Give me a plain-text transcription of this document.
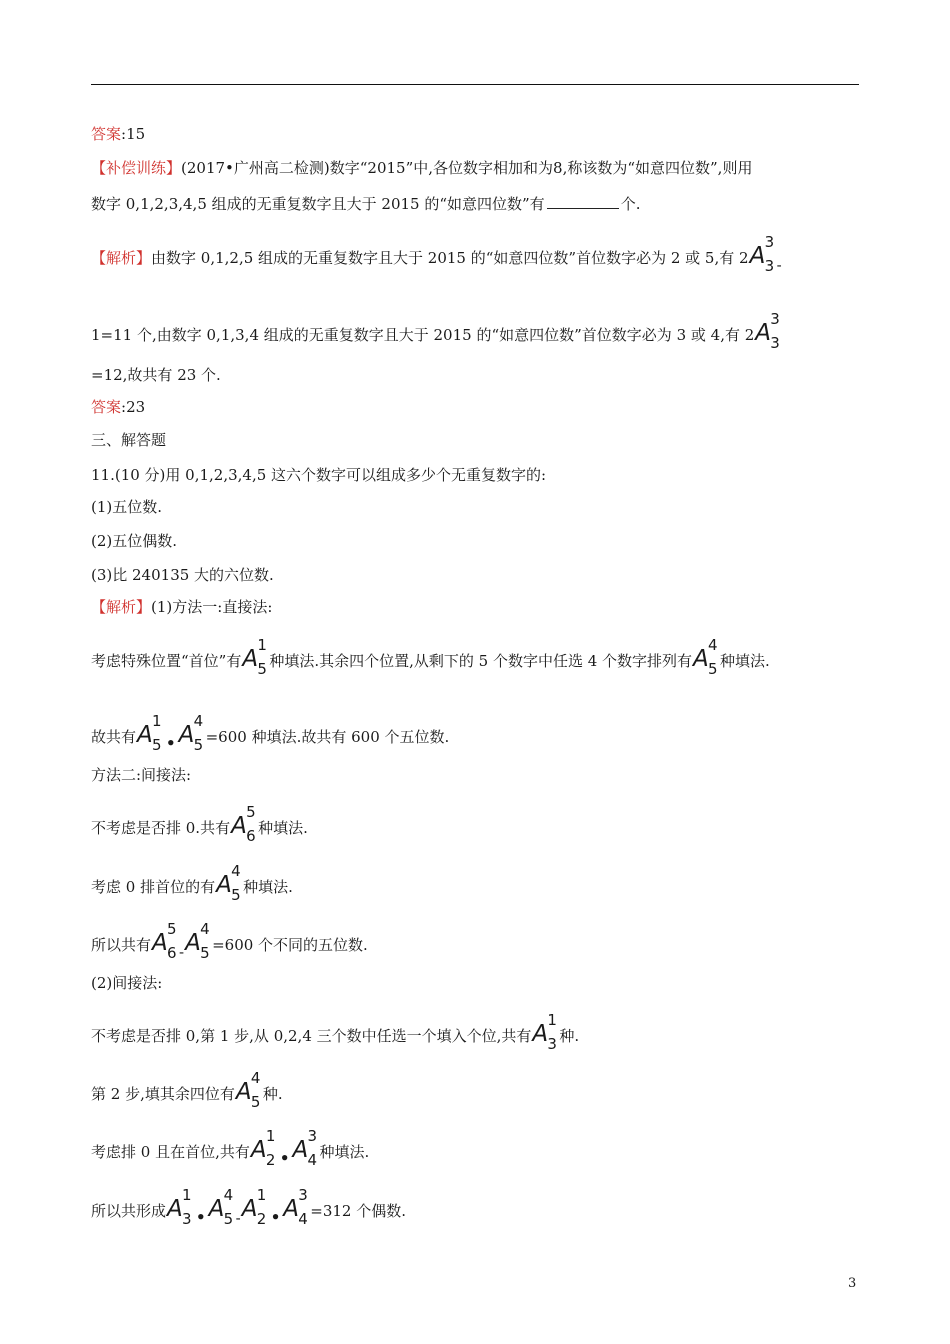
答案:15
【补偿训练】(2017•广州高二检测)数字“2015”中,各位数字相加和为8,称该数为“如意四位数”,则用
数字 0,1,2,3,4,5 组成的无重复数字且大于 2015 的“如意四位数”有	个.
【解析】由数字 0,1,2,5 组成的无重复数字且大于 2015 的“如意四位数”首位数字必为 2 或 5,有 2A
3
3 -
1=11 个,由数字 0,1,3,4 组成的无重复数字且大于 2015 的“如意四位数”首位数字必为 3 或 4,有 2A
3
3
=12,故共有 23 个.
答案:23
三、解答题
11.(10 分)用 0,1,2,3,4,5 这六个数字可以组成多少个无重复数字的:
(1)五位数.
(2)五位偶数.
(3)比 240135 大的六位数.
【解析】(1)方法一:直接法:
考虑特殊位置“首位”有A
1
5 种填法.其余四个位置,从剩下的 5 个数字中任选 4 个数字排列有A
4
5 种填法.
故共有A
1
5 • A
4
5 =600 种填法.故共有 600 个五位数.
方法二:间接法:
不考虑是否排 0.共有A
5
6 种填法.
考虑 0 排首位的有A
4
5 种填法.
所以共有A
5
6 -A
4
5 =600 个不同的五位数.
(2)间接法:
不考虑是否排 0,第 1 步,从 0,2,4 三个数中任选一个填入个位,共有A
1
3 种.
第 2 步,填其余四位有A
4
5 种.
考虑排 0 且在首位,共有A
1
2 • A
3
4 种填法.
所以共形成A
1
3 • A
4
5 -A
1
2 • A
3
4 =312 个偶数.
3
